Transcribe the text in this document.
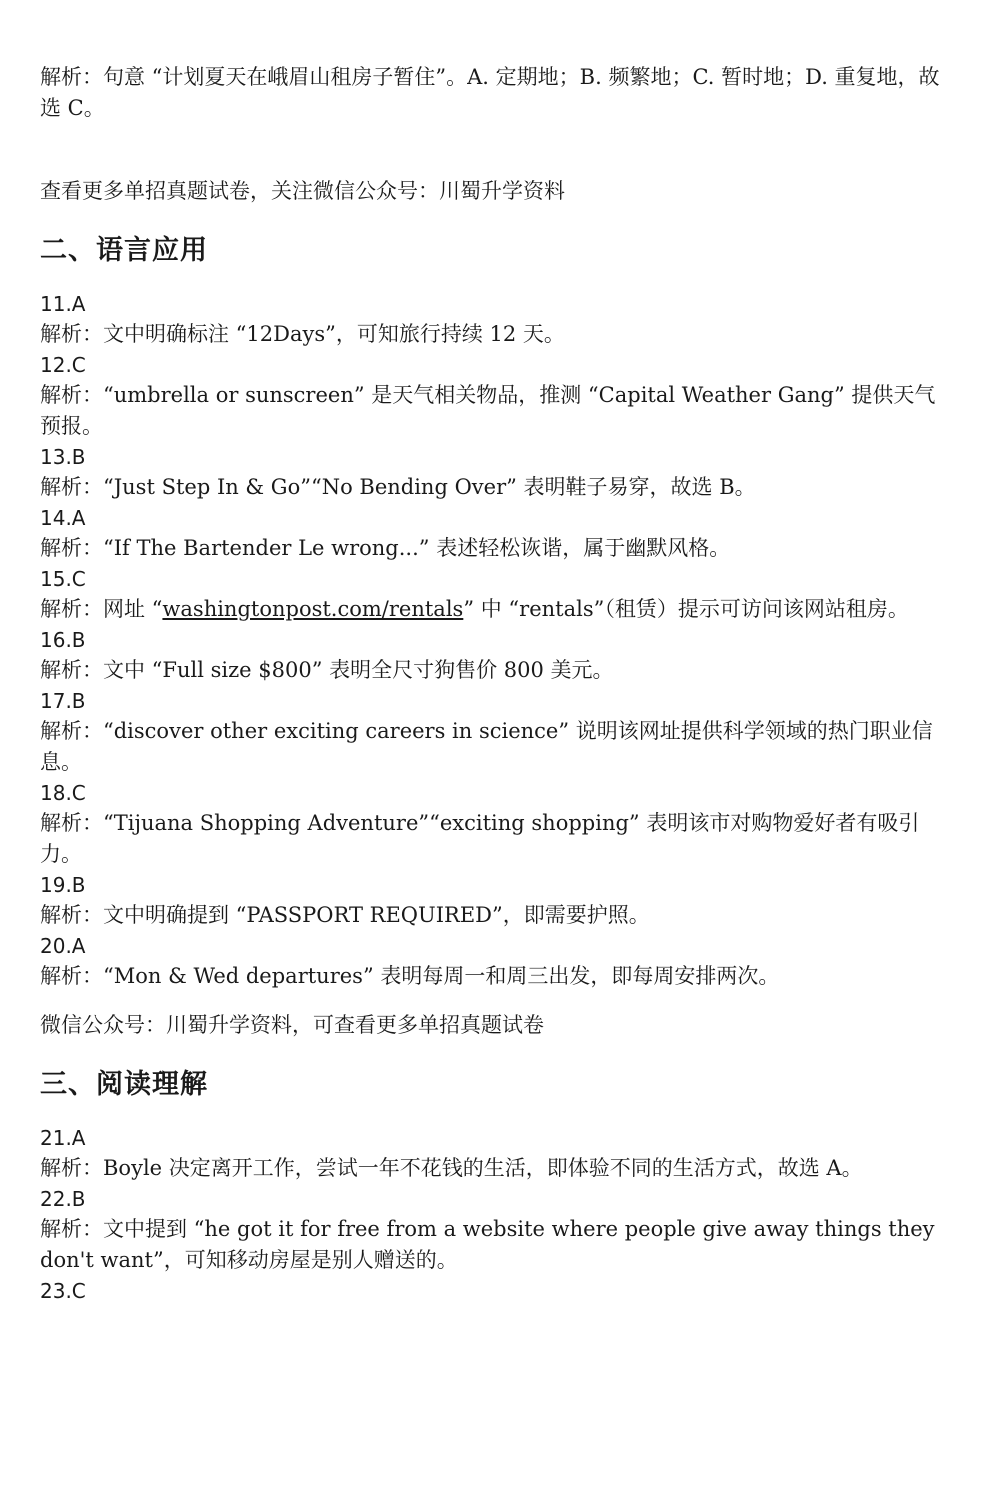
解析：句意 “计划夏天在峨眉山租房子暂住”。A. 定期地；B. 频繁地；C. 暂时地；D. 重复地，故选 C。

查看更多单招真题试卷，关注微信公众号：川蜀升学资料

二、语言应用

11.A

解析：文中明确标注 “12Days”，可知旅行持续 12 天。

12.C

解析：“umbrella or sunscreen” 是天气相关物品，推测 “Capital Weather Gang” 提供天气预报。

13.B

解析：“Just Step In & Go”“No Bending Over” 表明鞋子易穿，故选 B。

14.A

解析：“If The Bartender Le wrong...” 表述轻松诙谐，属于幽默风格。

15.C

解析：网址 “washingtonpost.com/rentals” 中 “rentals”（租赁）提示可访问该网站租房。

16.B

解析：文中 “Full size $800” 表明全尺寸狗售价 800 美元。

17.B

解析：“discover other exciting careers in science” 说明该网址提供科学领域的热门职业信息。

18.C

解析：“Tijuana Shopping Adventure”“exciting shopping” 表明该市对购物爱好者有吸引力。

19.B

解析：文中明确提到 “PASSPORT REQUIRED”，即需要护照。

20.A

解析：“Mon & Wed departures” 表明每周一和周三出发，即每周安排两次。

微信公众号：川蜀升学资料，可查看更多单招真题试卷

三、阅读理解

21.A

解析：Boyle 决定离开工作，尝试一年不花钱的生活，即体验不同的生活方式，故选 A。

22.B

解析：文中提到 “he got it for free from a website where people give away things they don't want”，可知移动房屋是别人赠送的。

23.C
